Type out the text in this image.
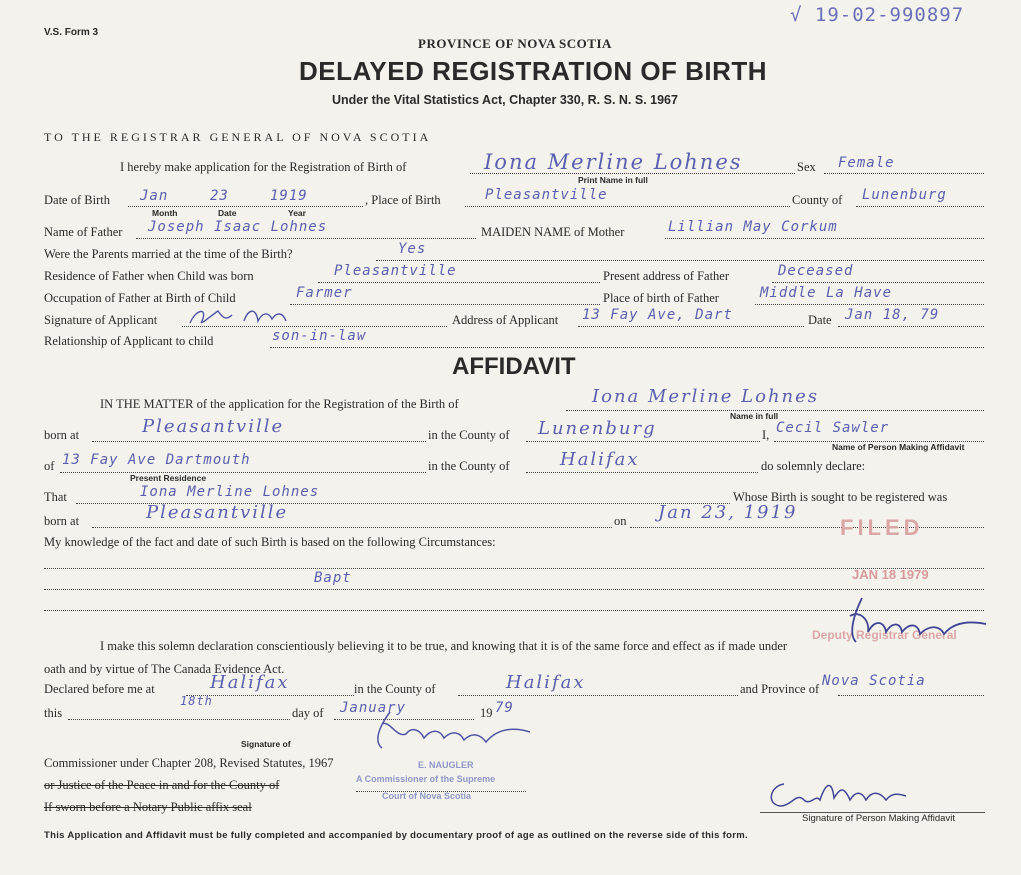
V.S. Form 3
√ 19-02-990897
PROVINCE OF NOVA SCOTIA
DELAYED REGISTRATION OF BIRTH
Under the Vital Statistics Act, Chapter 330, R. S. N. S. 1967
TO THE REGISTRAR GENERAL OF NOVA SCOTIA
I hereby make application for the Registration of Birth of	Iona Merline Lohnes
Print Name in full
Sex Female
Date of Birth Jan	23	1919
Month	Date	Year
, Place of Birth	Pleasantville	County of Lunenburg
Name of Father Joseph Isaac Lohnes	MAIDEN NAME of Mother	Lillian May Corkum
Were the Parents married at the time of the Birth?	Yes
Residence of Father when Child was born	Pleasantville	Present address of Father	Deceased
Occupation of Father at Birth of Child	Farmer	Place of birth of Father	Middle La Have
Signature of Applicant	Address of Applicant 13 Fay Ave, Dart	Date Jan 18, 79
Relationship of Applicant to child	son-in-law
AFFIDAVIT
IN THE MATTER of the application for the Registration of the Birth of	Iona Merline Lohnes
Name in full
born at	Pleasantville	in the County of Lunenburg	I, Cecil Sawler
Name of Person Making Affidavit
of 13 Fay Ave Dartmouth
Present Residence
in the County of	Halifax	do solemnly declare:
That	Iona Merline Lohnes	Whose Birth is sought to be registered was
born at	Pleasantville	on Jan 23, 1919
My knowledge of the fact and date of such Birth is based on the following Circumstances:
Bapt
I make this solemn declaration conscientiously believing it to be true, and knowing that it is of the same force and effect as if made under
oath and by virtue of The Canada Evidence Act.
Declared before me at	Halifax	in the County of	Halifax	and Province of Nova Scotia
this
18th
day of January	19 79
Signature of
Commissioner under Chapter 208, Revised Statutes, 1967
or Justice of the Peace in and for the County of
If sworn before a Notary Public affix seal
E. NAUGLER
A Commissioner of the Supreme
Court of Nova Scotia
FILED
JAN 18 1979
Deputy Registrar General
Signature of Person Making Affidavit
This Application and Affidavit must be fully completed and accompanied by documentary proof of age as outlined on the reverse side of this form.
